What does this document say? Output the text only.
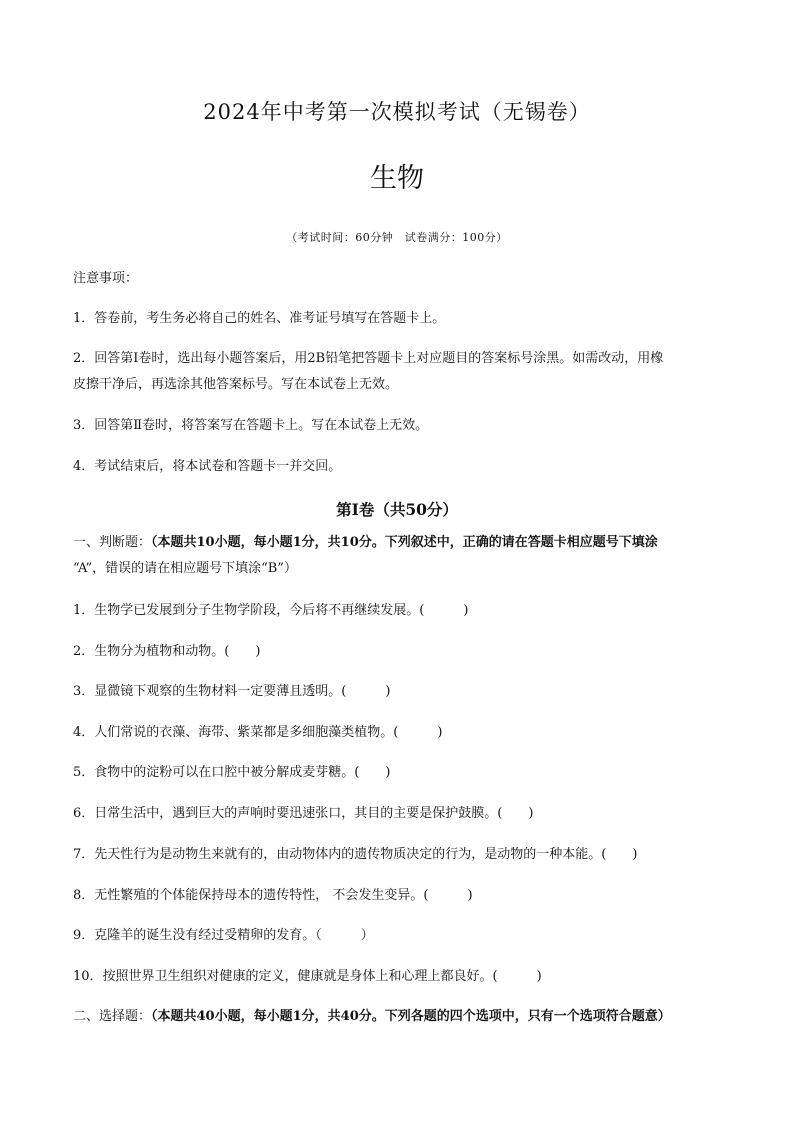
2024年中考第一次模拟考试（无锡卷）
生物
（考试时间：60分钟　试卷满分：100分）
注意事项：
1．答卷前，考生务必将自己的姓名、准考证号填写在答题卡上。
2．回答第Ⅰ卷时，选出每小题答案后，用2B铅笔把答题卡上对应题目的答案标号涂黑。如需改动，用橡
皮擦干净后，再选涂其他答案标号。写在本试卷上无效。
3．回答第Ⅱ卷时，将答案写在答题卡上。写在本试卷上无效。
4．考试结束后，将本试卷和答题卡一并交回。
第Ⅰ卷（共50分）
一、判断题：（本题共10小题，每小题1分，共10分。下列叙述中，正确的请在答题卡相应题号下填涂
“A”，错误的请在相应题号下填涂“B”）
1．生物学已发展到分子生物学阶段，今后将不再继续发展。(　　　)
2．生物分为植物和动物。(　　)
3．显微镜下观察的生物材料一定要薄且透明。(　　　)
4．人们常说的衣藻、海带、紫菜都是多细胞藻类植物。(　　　)
5．食物中的淀粉可以在口腔中被分解成麦芽糖。(　　)
6．日常生活中，遇到巨大的声响时要迅速张口，其目的主要是保护鼓膜。(　　)
7．先天性行为是动物生来就有的，由动物体内的遗传物质决定的行为，是动物的一种本能。(　　)
8．无性繁殖的个体能保持母本的遗传特性， 不会发生变异。(　　　)
9．克隆羊的诞生没有经过受精卵的发育。（　　　）
10．按照世界卫生组织对健康的定义，健康就是身体上和心理上都良好。(　　　)
二、选择题：（本题共40小题，每小题1分，共40分。下列各题的四个选项中，只有一个选项符合题意）
